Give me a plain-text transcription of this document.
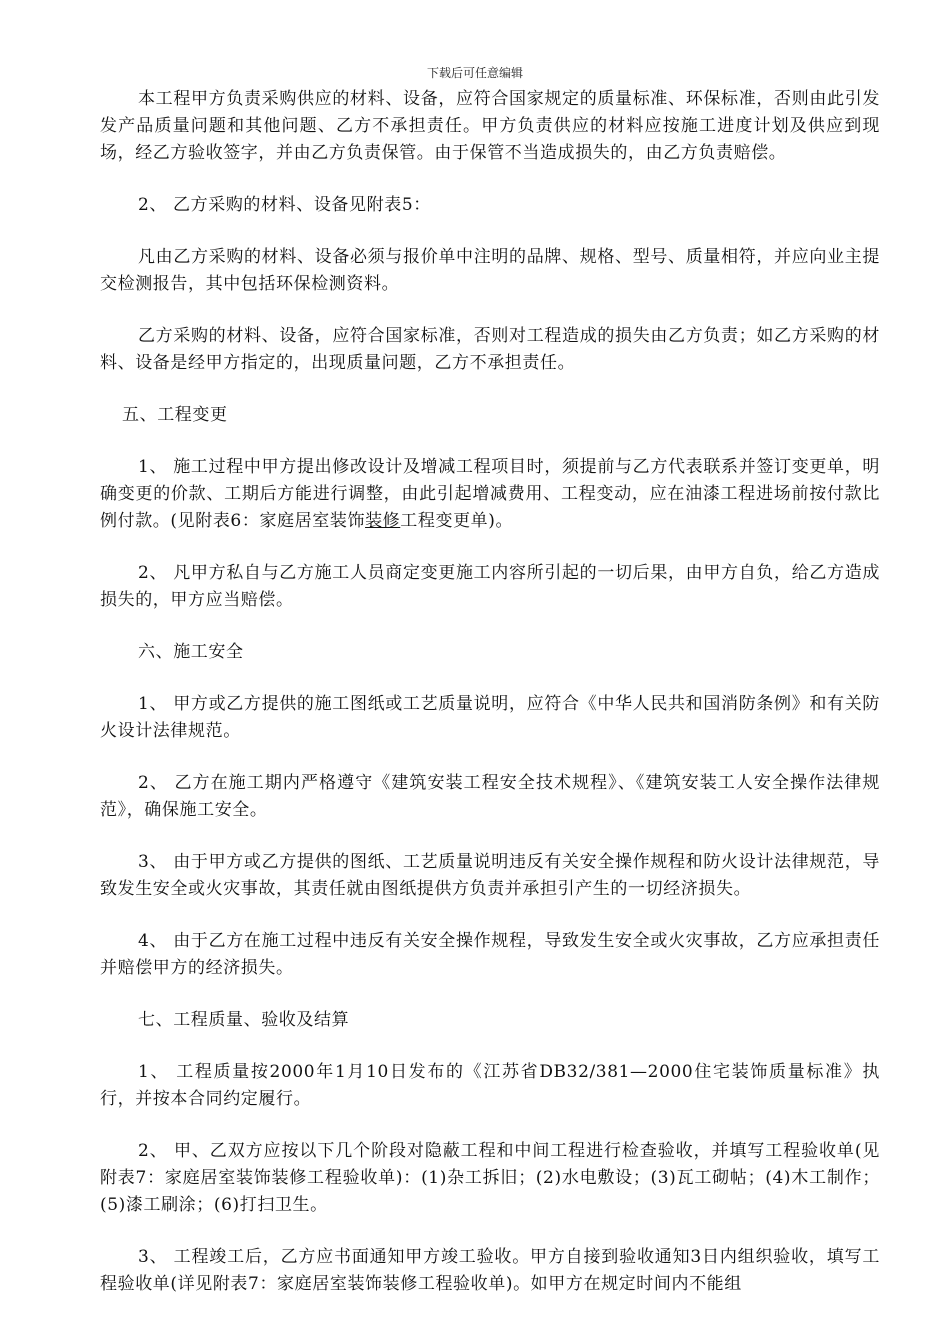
下载后可任意编辑

本工程甲方负责采购供应的材料、设备，应符合国家规定的质量标准、环保标准，否则由此引发发产品质量问题和其他问题、乙方不承担责任。甲方负责供应的材料应按施工进度计划及供应到现场，经乙方验收签字，并由乙方负责保管。由于保管不当造成损失的，由乙方负责赔偿。

2、 乙方采购的材料、设备见附表5：

凡由乙方采购的材料、设备必须与报价单中注明的品牌、规格、型号、质量相符，并应向业主提交检测报告，其中包括环保检测资料。

乙方采购的材料、设备，应符合国家标准，否则对工程造成的损失由乙方负责；如乙方采购的材料、设备是经甲方指定的，出现质量问题，乙方不承担责任。

五、工程变更

1、 施工过程中甲方提出修改设计及增减工程项目时，须提前与乙方代表联系并签订变更单，明确变更的价款、工期后方能进行调整，由此引起增减费用、工程变动，应在油漆工程进场前按付款比例付款。(见附表6：家庭居室装饰装修工程变更单)。

2、 凡甲方私自与乙方施工人员商定变更施工内容所引起的一切后果，由甲方自负，给乙方造成损失的，甲方应当赔偿。

六、施工安全

1、 甲方或乙方提供的施工图纸或工艺质量说明，应符合《中华人民共和国消防条例》和有关防火设计法律规范。

2、 乙方在施工期内严格遵守《建筑安装工程安全技术规程》、《建筑安装工人安全操作法律规范》，确保施工安全。

3、 由于甲方或乙方提供的图纸、工艺质量说明违反有关安全操作规程和防火设计法律规范，导致发生安全或火灾事故，其责任就由图纸提供方负责并承担引产生的一切经济损失。

4、 由于乙方在施工过程中违反有关安全操作规程，导致发生安全或火灾事故，乙方应承担责任并赔偿甲方的经济损失。

七、工程质量、验收及结算

1、 工程质量按2000年1月10日发布的《江苏省DB32/381—2000住宅装饰质量标准》执行，并按本合同约定履行。

2、 甲、乙双方应按以下几个阶段对隐蔽工程和中间工程进行检查验收，并填写工程验收单(见附表7：家庭居室装饰装修工程验收单)：(1)杂工拆旧；(2)水电敷设；(3)瓦工砌帖；(4)木工制作；(5)漆工刷涂；(6)打扫卫生。

3、 工程竣工后，乙方应书面通知甲方竣工验收。甲方自接到验收通知3日内组织验收，填写工程验收单(详见附表7：家庭居室装饰装修工程验收单)。如甲方在规定时间内不能组
